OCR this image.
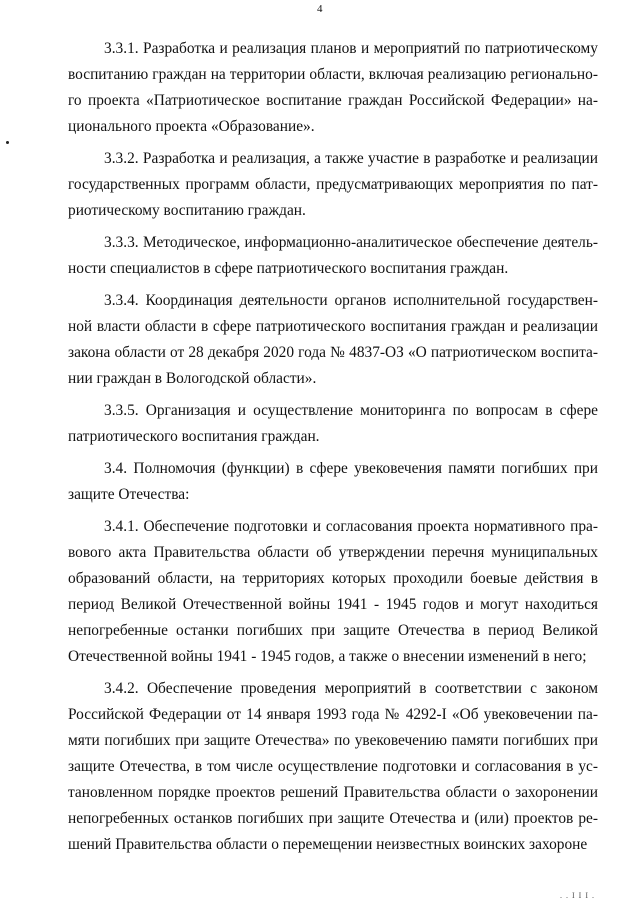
4

3.3.1. Разработка и реализация планов и мероприятий по патриотическому воспитанию граждан на территории области, включая реализацию регионального проекта «Патриотическое воспитание граждан Российской Федерации» национального проекта «Образование».

3.3.2. Разработка и реализация, а также участие в разработке и реализации государственных программ области, предусматривающих мероприятия по патриотическому воспитанию граждан.

3.3.3. Методическое, информационно-аналитическое обеспечение деятельности специалистов в сфере патриотического воспитания граждан.

3.3.4. Координация деятельности органов исполнительной государственной власти области в сфере патриотического воспитания граждан и реализации закона области от 28 декабря 2020 года № 4837-ОЗ «О патриотическом воспитании граждан в Вологодской области».

3.3.5. Организация и осуществление мониторинга по вопросам в сфере патриотического воспитания граждан.

3.4. Полномочия (функции) в сфере увековечения памяти погибших при защите Отечества:

3.4.1. Обеспечение подготовки и согласования проекта нормативного правового акта Правительства области об утверждении перечня муниципальных образований области, на территориях которых проходили боевые действия в период Великой Отечественной войны 1941 - 1945 годов и могут находиться непогребенные останки погибших при защите Отечества в период Великой Отечественной войны 1941 - 1945 годов, а также о внесении изменений в него;

3.4.2. Обеспечение проведения мероприятий в соответствии с законом Российской Федерации от 14 января 1993 года № 4292-I «Об увековечении памяти погибших при защите Отечества» по увековечению памяти погибших при защите Отечества, в том числе осуществление подготовки и согласования в установленном порядке проектов решений Правительства области о захоронении непогребенных останков погибших при защите Отечества и (или) проектов решений Правительства области о перемещении неизвестных воинских захороне

. . I I I .
